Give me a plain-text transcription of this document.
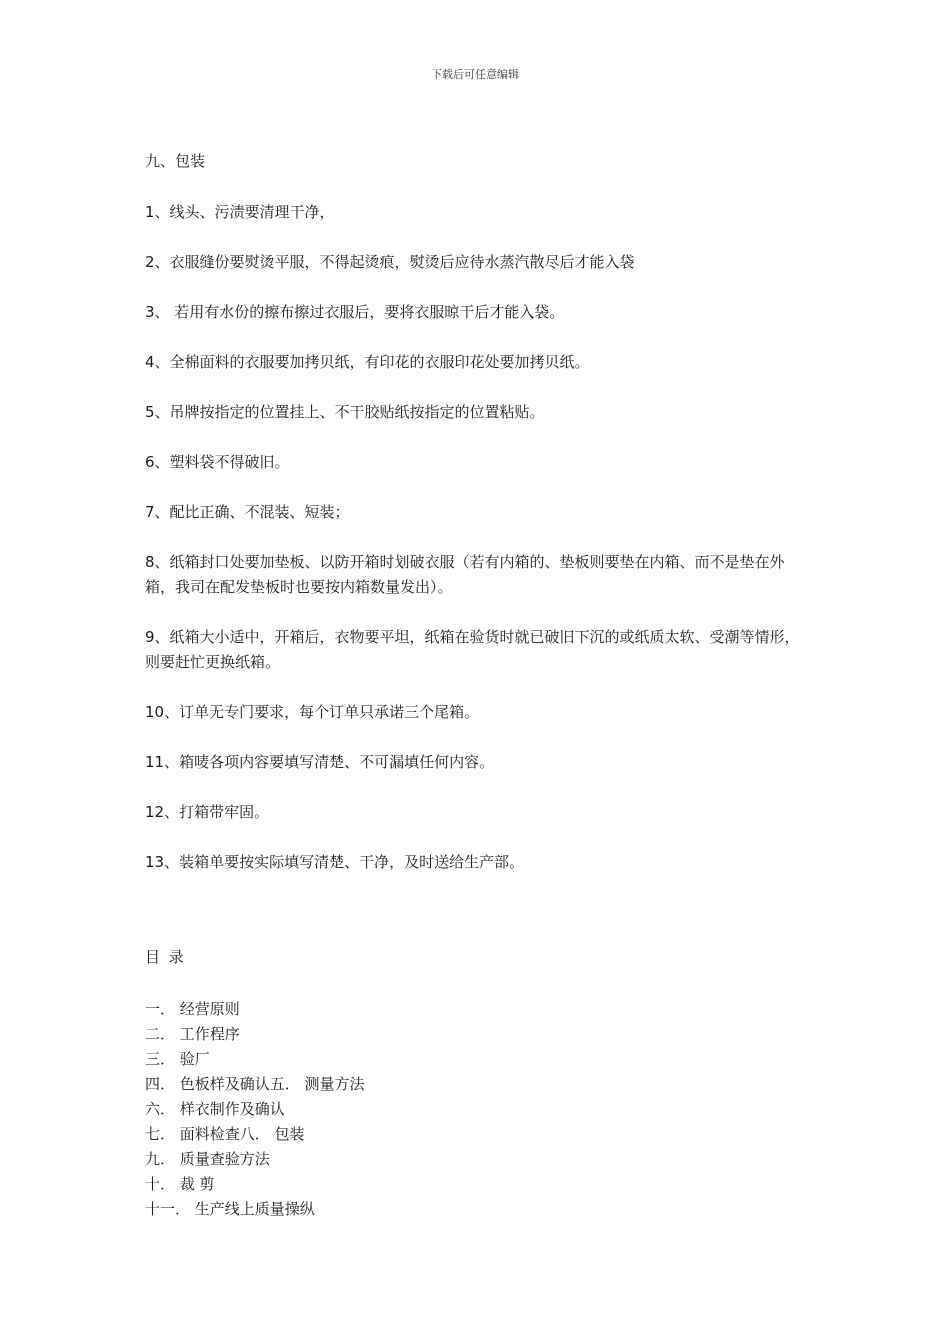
下载后可任意编辑
九、包装
1、线头、污渍要清理干净，
2、衣服缝份要熨烫平服，不得起烫痕，熨烫后应待水蒸汽散尽后才能入袋
3、 若用有水份的擦布擦过衣服后，要将衣服晾干后才能入袋。
4、全棉面料的衣服要加拷贝纸，有印花的衣服印花处要加拷贝纸。
5、吊牌按指定的位置挂上、不干胶贴纸按指定的位置粘贴。
6、塑料袋不得破旧。
7、配比正确、不混装、短装；
8、纸箱封口处要加垫板、以防开箱时划破衣服（若有内箱的、垫板则要垫在内箱、而不是垫在外箱，我司在配发垫板时也要按内箱数量发出）。
9、纸箱大小适中，开箱后，衣物要平坦，纸箱在验货时就已破旧下沉的或纸质太软、受潮等情形，则要赶忙更换纸箱。
10、订单无专门要求，每个订单只承诺三个尾箱。
11、箱唛各项内容要填写清楚、不可漏填任何内容。
12、打箱带牢固。
13、装箱单要按实际填写清楚、干净，及时送给生产部。
目 录
一． 经营原则
二． 工作程序
三． 验厂
四． 色板样及确认五． 测量方法
六． 样衣制作及确认
七． 面料检查八． 包装
九． 质量查验方法
十． 裁 剪
十一． 生产线上质量操纵
